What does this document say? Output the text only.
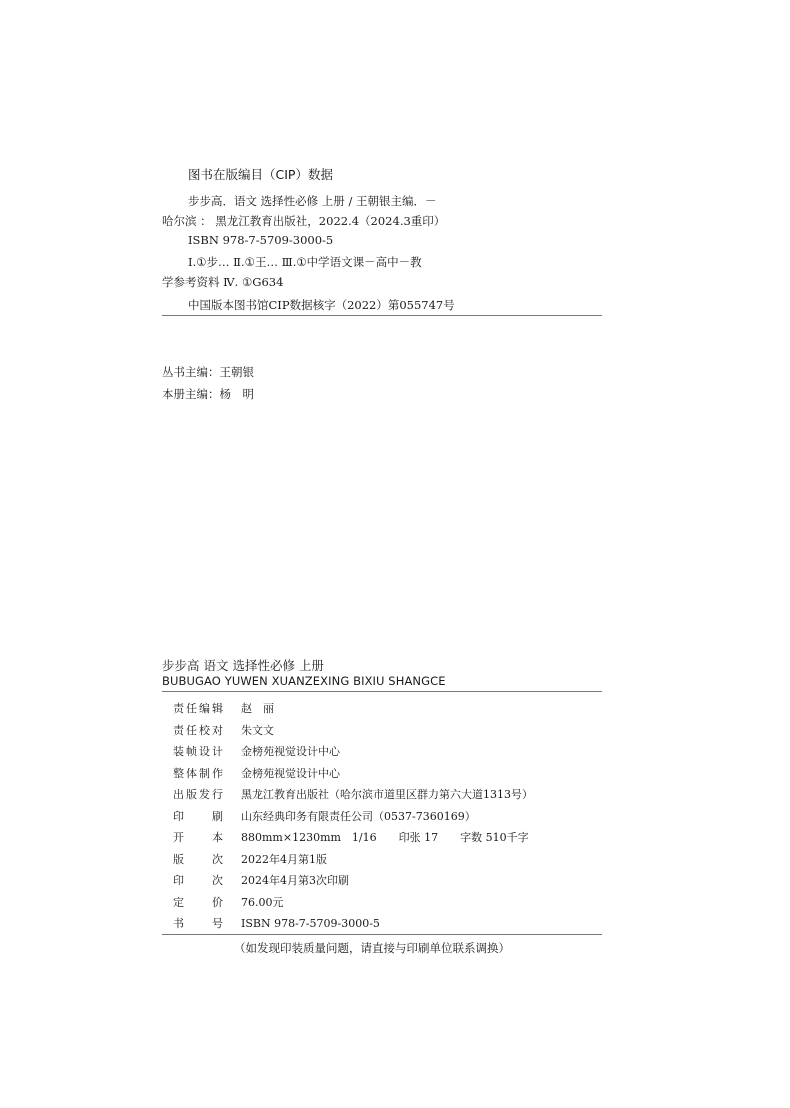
图书在版编目（CIP）数据
步步高．语文 选择性必修 上册 / 王朝银主编．－
哈尔滨 ： 黑龙江教育出版社，2022.4（2024.3重印）
ISBN 978-7-5709-3000-5
Ⅰ.①步… Ⅱ.①王… Ⅲ.①中学语文课－高中－教
学参考资料 Ⅳ. ①G634
中国版本图书馆CIP数据核字（2022）第055747号
丛书主编：王朝银
本册主编：杨　明
步步高 语文 选择性必修 上册
BUBUGAO YUWEN XUANZEXING BIXIU SHANGCE
责任编辑 赵　丽
责任校对 朱文文
装帧设计 金榜苑视觉设计中心
整体制作 金榜苑视觉设计中心
出版发行 黑龙江教育出版社（哈尔滨市道里区群力第六大道1313号）
印　　刷 山东经典印务有限责任公司（0537-7360169）
开　　本 880mm×1230mm　1/16　　印张 17　　字数 510千字
版　　次 2022年4月第1版
印　　次 2024年4月第3次印刷
定　　价 76.00元
书　　号 ISBN 978-7-5709-3000-5
（如发现印装质量问题，请直接与印刷单位联系调换）
